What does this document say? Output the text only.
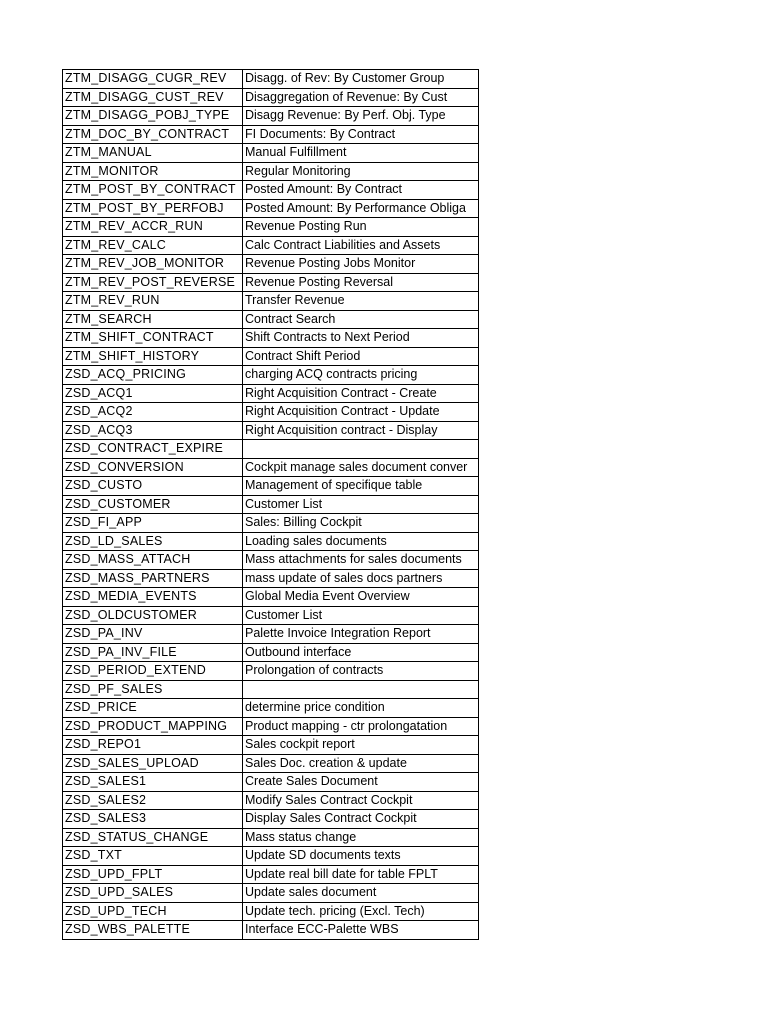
ZTM_DISAGG_CUGR_REV	Disagg. of Rev: By Customer Group
ZTM_DISAGG_CUST_REV	Disaggregation of Revenue: By Cust
ZTM_DISAGG_POBJ_TYPE	Disagg Revenue: By Perf. Obj. Type
ZTM_DOC_BY_CONTRACT	FI Documents: By Contract
ZTM_MANUAL	Manual Fulfillment
ZTM_MONITOR	Regular Monitoring
ZTM_POST_BY_CONTRACT	Posted Amount: By Contract
ZTM_POST_BY_PERFOBJ	Posted Amount: By Performance Obliga
ZTM_REV_ACCR_RUN	Revenue Posting Run
ZTM_REV_CALC	Calc Contract Liabilities and Assets
ZTM_REV_JOB_MONITOR	Revenue Posting Jobs Monitor
ZTM_REV_POST_REVERSE	Revenue Posting Reversal
ZTM_REV_RUN	Transfer Revenue
ZTM_SEARCH	Contract Search
ZTM_SHIFT_CONTRACT	Shift Contracts to Next Period
ZTM_SHIFT_HISTORY	Contract Shift Period
ZSD_ACQ_PRICING	charging ACQ contracts pricing
ZSD_ACQ1	Right Acquisition Contract - Create
ZSD_ACQ2	Right Acquisition Contract - Update
ZSD_ACQ3	Right Acquisition contract - Display
ZSD_CONTRACT_EXPIRE	
ZSD_CONVERSION	Cockpit manage sales document conver
ZSD_CUSTO	Management of specifique table
ZSD_CUSTOMER	Customer List
ZSD_FI_APP	Sales: Billing Cockpit
ZSD_LD_SALES	Loading sales documents
ZSD_MASS_ATTACH	Mass attachments for sales documents
ZSD_MASS_PARTNERS	mass update of sales docs partners
ZSD_MEDIA_EVENTS	Global Media Event Overview
ZSD_OLDCUSTOMER	Customer List
ZSD_PA_INV	Palette Invoice Integration Report
ZSD_PA_INV_FILE	Outbound interface
ZSD_PERIOD_EXTEND	Prolongation of contracts
ZSD_PF_SALES	
ZSD_PRICE	determine price condition
ZSD_PRODUCT_MAPPING	Product mapping - ctr prolongatation
ZSD_REPO1	Sales cockpit report
ZSD_SALES_UPLOAD	Sales Doc. creation & update
ZSD_SALES1	Create Sales Document
ZSD_SALES2	Modify Sales Contract Cockpit
ZSD_SALES3	Display Sales Contract Cockpit
ZSD_STATUS_CHANGE	Mass status change
ZSD_TXT	Update SD documents texts
ZSD_UPD_FPLT	Update real bill date for table FPLT
ZSD_UPD_SALES	Update sales document
ZSD_UPD_TECH	Update tech. pricing (Excl. Tech)
ZSD_WBS_PALETTE	Interface ECC-Palette WBS
